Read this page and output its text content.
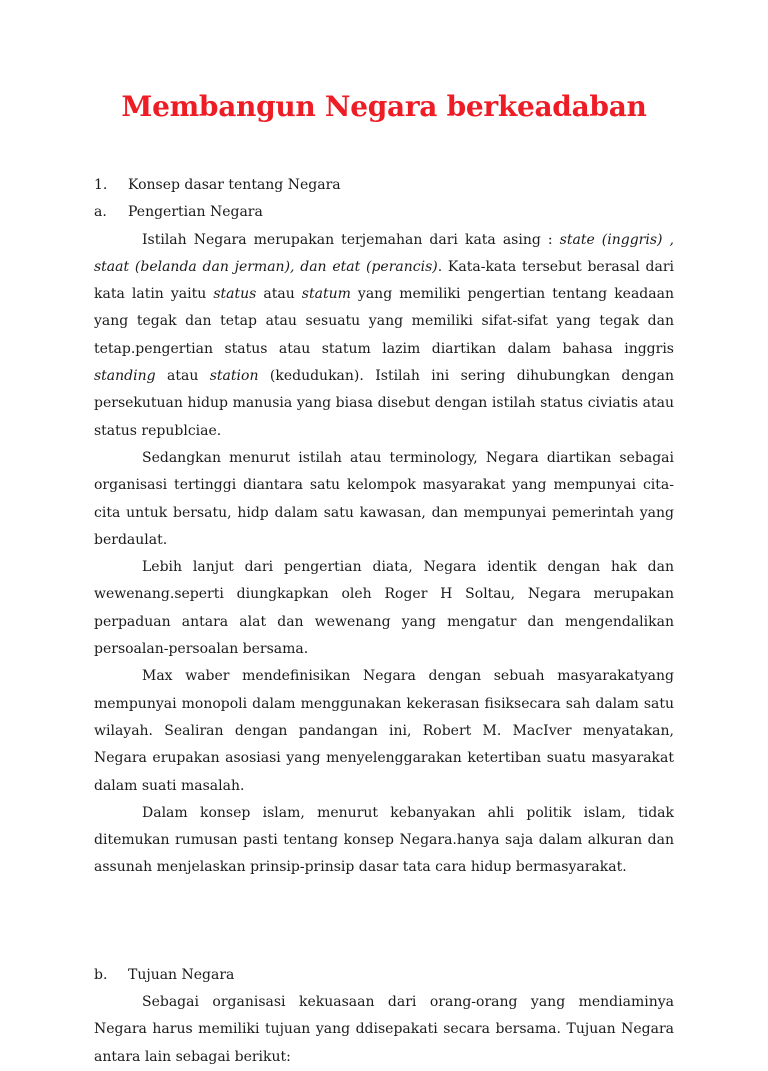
Membangun Negara berkeadaban
1.	Konsep dasar tentang Negara
a.	Pengertian Negara
Istilah Negara merupakan terjemahan dari kata asing : state (inggris) , staat (belanda dan jerman), dan etat (perancis). Kata-kata tersebut berasal dari kata latin yaitu status atau statum yang memiliki pengertian tentang keadaan yang tegak dan tetap atau sesuatu yang memiliki sifat-sifat yang tegak dan tetap.pengertian status atau statum lazim diartikan dalam bahasa inggris standing atau station (kedudukan). Istilah ini sering dihubungkan dengan persekutuan hidup manusia yang biasa disebut dengan istilah status civiatis atau status republciae.
Sedangkan menurut istilah atau terminology, Negara diartikan sebagai organisasi tertinggi diantara satu kelompok masyarakat yang mempunyai cita-cita untuk bersatu, hidp dalam satu kawasan, dan mempunyai pemerintah yang berdaulat.
Lebih lanjut dari pengertian diata, Negara identik dengan hak dan wewenang.seperti diungkapkan oleh Roger H Soltau, Negara merupakan perpaduan antara alat dan wewenang yang mengatur dan mengendalikan persoalan-persoalan bersama.
Max waber mendefinisikan Negara dengan sebuah masyarakatyang mempunyai monopoli dalam menggunakan kekerasan fisiksecara sah dalam satu wilayah. Sealiran dengan pandangan ini, Robert M. MacIver menyatakan, Negara erupakan asosiasi yang menyelenggarakan ketertiban suatu masyarakat dalam suati masalah.
Dalam konsep islam, menurut kebanyakan ahli politik islam, tidak ditemukan rumusan pasti tentang konsep Negara.hanya saja dalam alkuran dan assunah menjelaskan prinsip-prinsip dasar tata cara hidup bermasyarakat.
b.	Tujuan Negara
Sebagai organisasi kekuasaan dari orang-orang yang mendiaminya Negara harus memiliki tujuan yang ddisepakati secara bersama. Tujuan Negara antara lain sebagai berikut:
